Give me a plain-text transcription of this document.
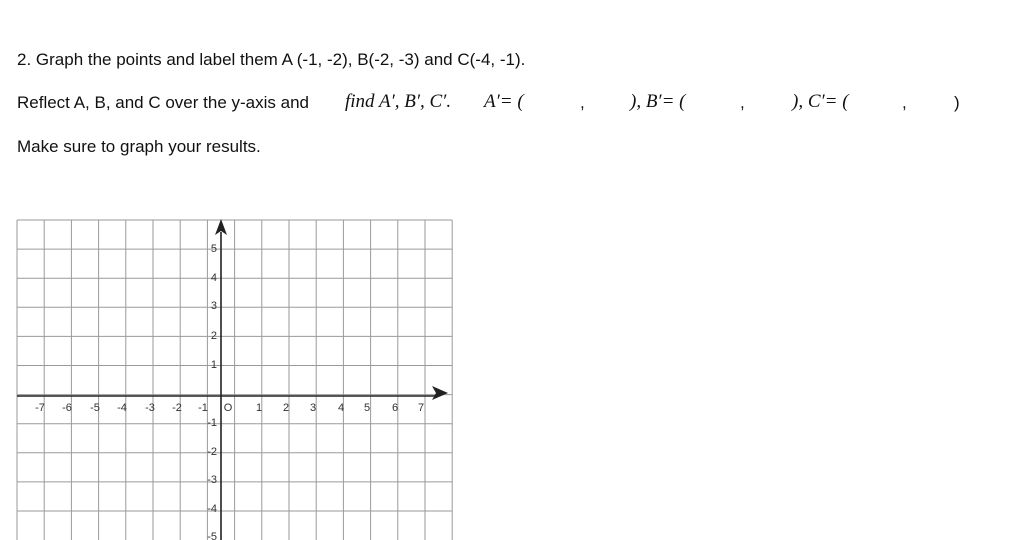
2. Graph the points and label them A (-1, -2), B(-2, -3) and C(-4, -1).
Reflect A, B, and C over the y-axis and find A′, B′, C′. A′= (	, ), B′= (	, ), C′= (	,	)
Make sure to graph your results.
-7 -6 -5 -4 -3 -2 -1	1 2 3 4 5 6 7
O
5
4
3
2
1
-1
-2
-3
-4
-5
